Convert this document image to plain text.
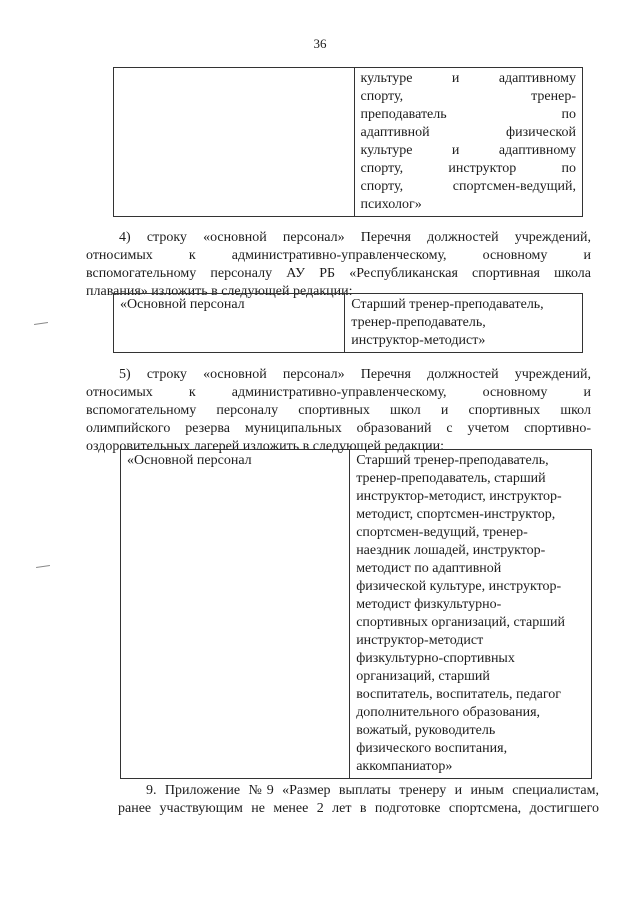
36

культуре и адаптивному
спорту, тренер-
преподаватель по
адаптивной физической
культуре и адаптивному
спорту, инструктор по
спорту, спортсмен-ведущий,
психолог»
4) строку «основной персонал» Перечня должностей учреждений,
относимых к административно-управленческому, основному и
вспомогательному персоналу АУ РБ «Республиканская спортивная школа
плавания» изложить в следующей редакции:
«Основной персонал	Старший тренер-преподаватель,
тренер-преподаватель,
инструктор-методист»
5) строку «основной персонал» Перечня должностей учреждений,
относимых к административно-управленческому, основному и
вспомогательному персоналу спортивных школ и спортивных школ
олимпийского резерва муниципальных образований с учетом спортивно-
оздоровительных лагерей изложить в следующей редакции:
«Основной персонал	Старший тренер-преподаватель,
тренер-преподаватель, старший
инструктор-методист, инструктор-
методист, спортсмен-инструктор,
спортсмен-ведущий, тренер-
наездник лошадей, инструктор-
методист по адаптивной
физической культуре, инструктор-
методист физкультурно-
спортивных организаций, старший
инструктор-методист
физкультурно-спортивных
организаций, старший
воспитатель, воспитатель, педагог
дополнительного образования,
вожатый, руководитель
физического воспитания,
аккомпаниатор»
9. Приложение №9 «Размер выплаты тренеру и иным специалистам,
ранее участвующим не менее 2 лет в подготовке спортсмена, достигшего
